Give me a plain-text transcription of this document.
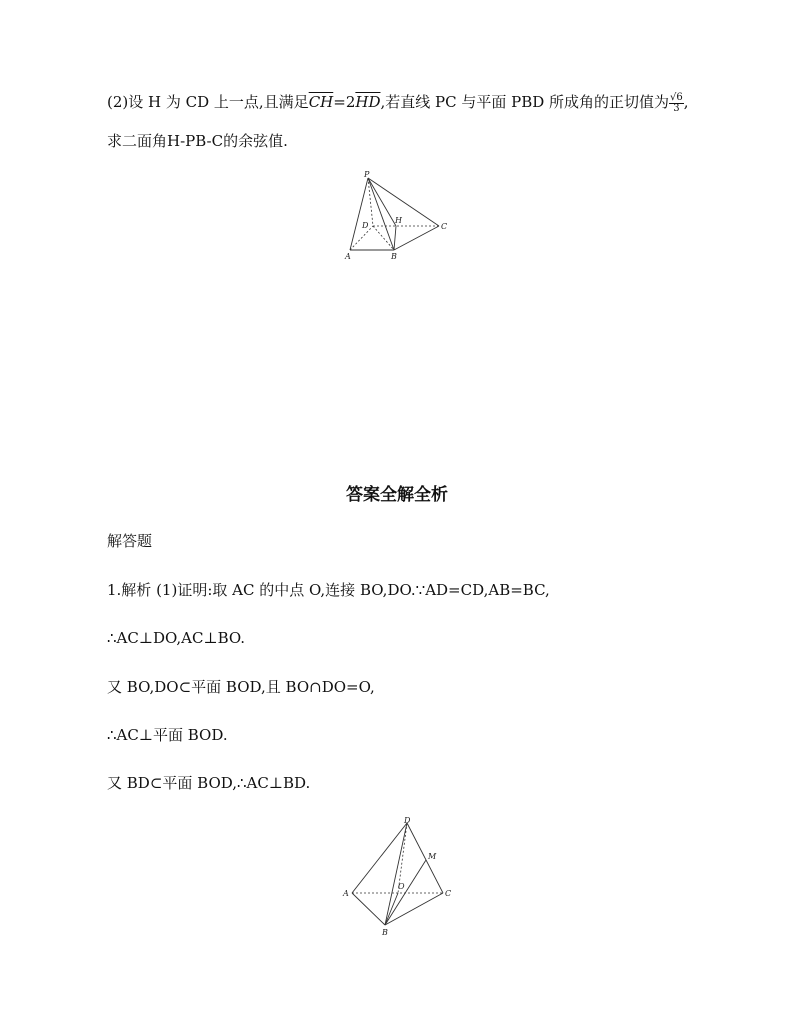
(2)设 H 为 CD 上一点,且满足$\overline{CH}=2\overline{HD}$,若直线 PC 与平面 PBD 所成角的正切值为 $\frac{√6}{3}$ ,
求二面角H-PB-C的余弦值.
P
D
H
C
A	B
答案全解全析
解答题
1.解析 (1)证明:取 AC 的中点 O,连接 BO,DO.∵AD=CD,AB=BC,
∴AC⊥DO,AC⊥BO.
又 BO,DO⊂平面 BOD,且 BO∩DO=O,
∴AC⊥平面 BOD.
又 BD⊂平面 BOD,∴AC⊥BD.
D
M
A
O
C
B
